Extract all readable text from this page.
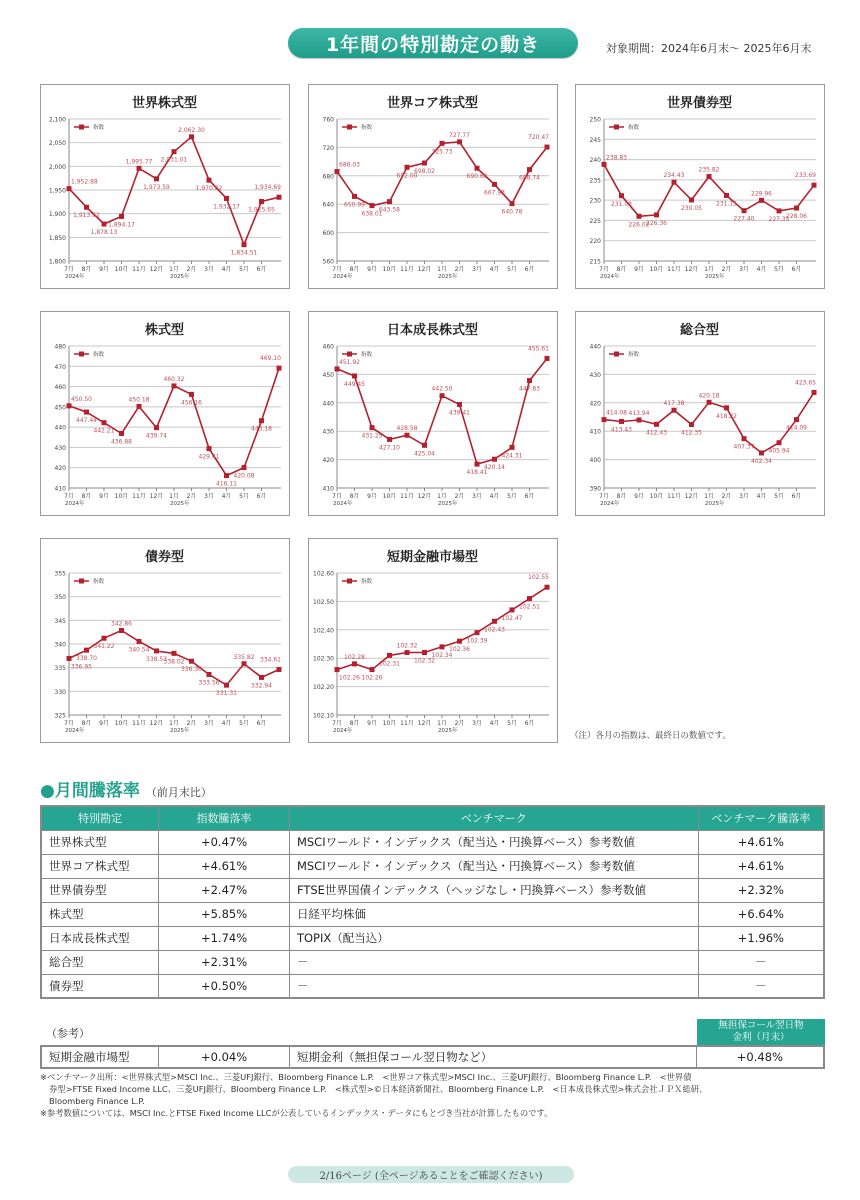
1年間の特別勘定の動き	対象期間：2024年6月末～ 2025年6月末
世界株式型
1,800
1,850
1,900
1,950
2,000
2,050
2,100
7月 8月 9月 10月 11月 12月 1月 2月 3月 4月 5月 6月
2024年	2025年
指数
1,952.88
1,913.62
1,878.13
1,894.17
1,995.77
1,973.59
2,031.01
2,062.30
1,970.82
1,932.17
1,834.51
1,925.65
1,934.69
世界コア株式型
560
600
640
680
720
760
7月 8月 9月 10月 11月 12月 1月 2月 3月 4月 5月 6月
2024年	2025年
指数
686.03
650.99
638.01
643.58
692.00
698.02
725.73
727.77
690.68
667.93
640.78
688.74
720.47
世界債券型
215
220
225
230
235
240
245
250
7月 8月 9月 10月 11月 12月 1月 2月 3月 4月 5月 6月
2024年	2025年
指数
238.83
231.08
226.02
226.36
234.43
230.05
235.82
231.15
227.40
229.96
227.35
228.06
233.69
株式型
410
420
430
440
450
460
470
480
7月 8月 9月 10月 11月 12月 1月 2月 3月 4月 5月 6月
2024年	2025年
指数
450.50
447.44
442.21
436.88
450.18
439.74
460.32
456.16
429.41
416.11
420.08
443.18
469.10
日本成長株式型
410
420
430
440
450
460
7月 8月 9月 10月 11月 12月 1月 2月 3月 4月 5月 6月
2024年	2025年
指数
451.92
449.45
431.25
427.10
428.58
425.04
442.50
439.41
418.41
420.14
424.31
447.83
455.61
総合型
390
400
410
420
430
440
7月 8月 9月 10月 11月 12月 1月 2月 3月 4月 5月 6月
2024年	2025年
指数
414.08
413.43
413.94
412.43
417.38
412.35
420.18
418.22
407.37
402.34
405.94
414.09
423.65
債券型
325
330
335
340
345
350
355
7月 8月 9月 10月 11月 12月 1月 2月 3月 4月 5月 6月
2024年	2025年
指数
336.95
338.70
341.22
342.86
340.54
338.53
338.02
336.36
333.56
331.31
335.82
332.94
334.61
短期金融市場型
102.10
102.20
102.30
102.40
102.50
102.60
7月 8月 9月 10月 11月 12月 1月 2月 3月 4月 5月 6月
2024年	2025年
指数
102.26
102.28
102.26
102.31
102.32
102.32
102.34
102.36
102.39
102.43
102.47
102.51
102.55
（注）各月の指数は、最終日の数値です。
●月間騰落率 （前月末比）
特別勘定	指数騰落率	ベンチマーク	ベンチマーク騰落率
世界株式型	+0.47%	MSCIワールド・インデックス（配当込・円換算ベース）参考数値	+4.61%
世界コア株式型	+4.61%	MSCIワールド・インデックス（配当込・円換算ベース）参考数値	+4.61%
世界債券型	+2.47%	FTSE世界国債インデックス（ヘッジなし・円換算ベース）参考数値	+2.32%
株式型	+5.85%	日経平均株価	+6.64%
日本成長株式型	+1.74%	TOPIX（配当込）	+1.96%
総合型	+2.31%	－	－
債券型	+0.50%	－	－
（参考）
無担保コール翌日物
金利（月末）
短期金融市場型	+0.04%	短期金利（無担保コール翌日物など）	+0.48%

※ベンチマーク出所：<世界株式型>MSCI Inc.、三菱UFJ銀行、Bloomberg Finance L.P.　<世界コア株式型>MSCI Inc.、三菱UFJ銀行、Bloomberg Finance L.P.　<世界債

券型>FTSE Fixed Income LLC、三菱UFJ銀行、Bloomberg Finance L.P.　<株式型>©日本経済新聞社、Bloomberg Finance L.P.　<日本成長株式型>株式会社ＪＰＸ総研、

Bloomberg Finance L.P.

※参考数値については、MSCI Inc.とFTSE Fixed Income LLCが公表しているインデックス・データにもとづき当社が計算したものです。

2/16ページ (全ページあることをご確認ください)
